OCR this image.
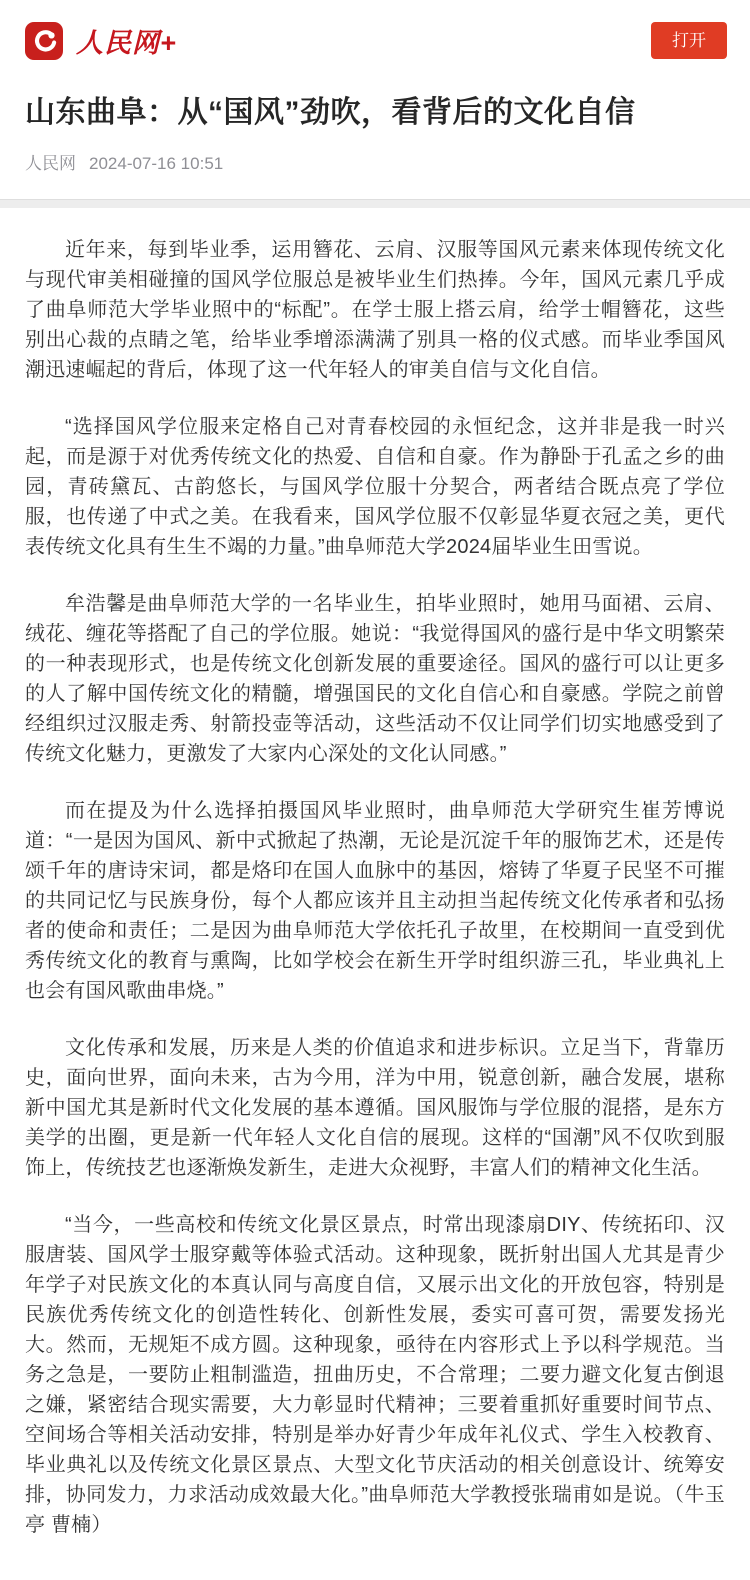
人民网+	打开
山东曲阜：从“国风”劲吹，看背后的文化自信
人民网 2024-07-16 10:51

近年来，每到毕业季，运用簪花、云肩、汉服等国风元素来体现传统文化与现代审美相碰撞的国风学位服总是被毕业生们热捧。今年，国风元素几乎成了曲阜师范大学毕业照中的“标配”。在学士服上搭云肩，给学士帽簪花，这些别出心裁的点睛之笔，给毕业季增添满满了别具一格的仪式感。而毕业季国风潮迅速崛起的背后，体现了这一代年轻人的审美自信与文化自信。

“选择国风学位服来定格自己对青春校园的永恒纪念，这并非是我一时兴起，而是源于对优秀传统文化的热爱、自信和自豪。作为静卧于孔孟之乡的曲园，青砖黛瓦、古韵悠长，与国风学位服十分契合，两者结合既点亮了学位服，也传递了中式之美。在我看来，国风学位服不仅彰显华夏衣冠之美，更代表传统文化具有生生不竭的力量。”曲阜师范大学2024届毕业生田雪说。

牟浩馨是曲阜师范大学的一名毕业生，拍毕业照时，她用马面裙、云肩、绒花、缠花等搭配了自己的学位服。她说：“我觉得国风的盛行是中华文明繁荣的一种表现形式，也是传统文化创新发展的重要途径。国风的盛行可以让更多的人了解中国传统文化的精髓，增强国民的文化自信心和自豪感。学院之前曾经组织过汉服走秀、射箭投壶等活动，这些活动不仅让同学们切实地感受到了传统文化魅力，更激发了大家内心深处的文化认同感。”

而在提及为什么选择拍摄国风毕业照时，曲阜师范大学研究生崔芳博说道：“一是因为国风、新中式掀起了热潮，无论是沉淀千年的服饰艺术，还是传颂千年的唐诗宋词，都是烙印在国人血脉中的基因，熔铸了华夏子民坚不可摧的共同记忆与民族身份，每个人都应该并且主动担当起传统文化传承者和弘扬者的使命和责任；二是因为曲阜师范大学依托孔子故里，在校期间一直受到优秀传统文化的教育与熏陶，比如学校会在新生开学时组织游三孔，毕业典礼上也会有国风歌曲串烧。”

文化传承和发展，历来是人类的价值追求和进步标识。立足当下，背靠历史，面向世界，面向未来，古为今用，洋为中用，锐意创新，融合发展，堪称新中国尤其是新时代文化发展的基本遵循。国风服饰与学位服的混搭，是东方美学的出圈，更是新一代年轻人文化自信的展现。这样的“国潮”风不仅吹到服饰上，传统技艺也逐渐焕发新生，走进大众视野，丰富人们的精神文化生活。

“当今，一些高校和传统文化景区景点，时常出现漆扇DIY、传统拓印、汉服唐装、国风学士服穿戴等体验式活动。这种现象，既折射出国人尤其是青少年学子对民族文化的本真认同与高度自信，又展示出文化的开放包容，特别是民族优秀传统文化的创造性转化、创新性发展，委实可喜可贺，需要发扬光大。然而，无规矩不成方圆。这种现象，亟待在内容形式上予以科学规范。当务之急是，一要防止粗制滥造，扭曲历史，不合常理；二要力避文化复古倒退之嫌，紧密结合现实需要，大力彰显时代精神；三要着重抓好重要时间节点、空间场合等相关活动安排，特别是举办好青少年成年礼仪式、学生入校教育、毕业典礼以及传统文化景区景点、大型文化节庆活动的相关创意设计、统筹安排，协同发力，力求活动成效最大化。”曲阜师范大学教授张瑞甫如是说。（牛玉亭 曹楠）
